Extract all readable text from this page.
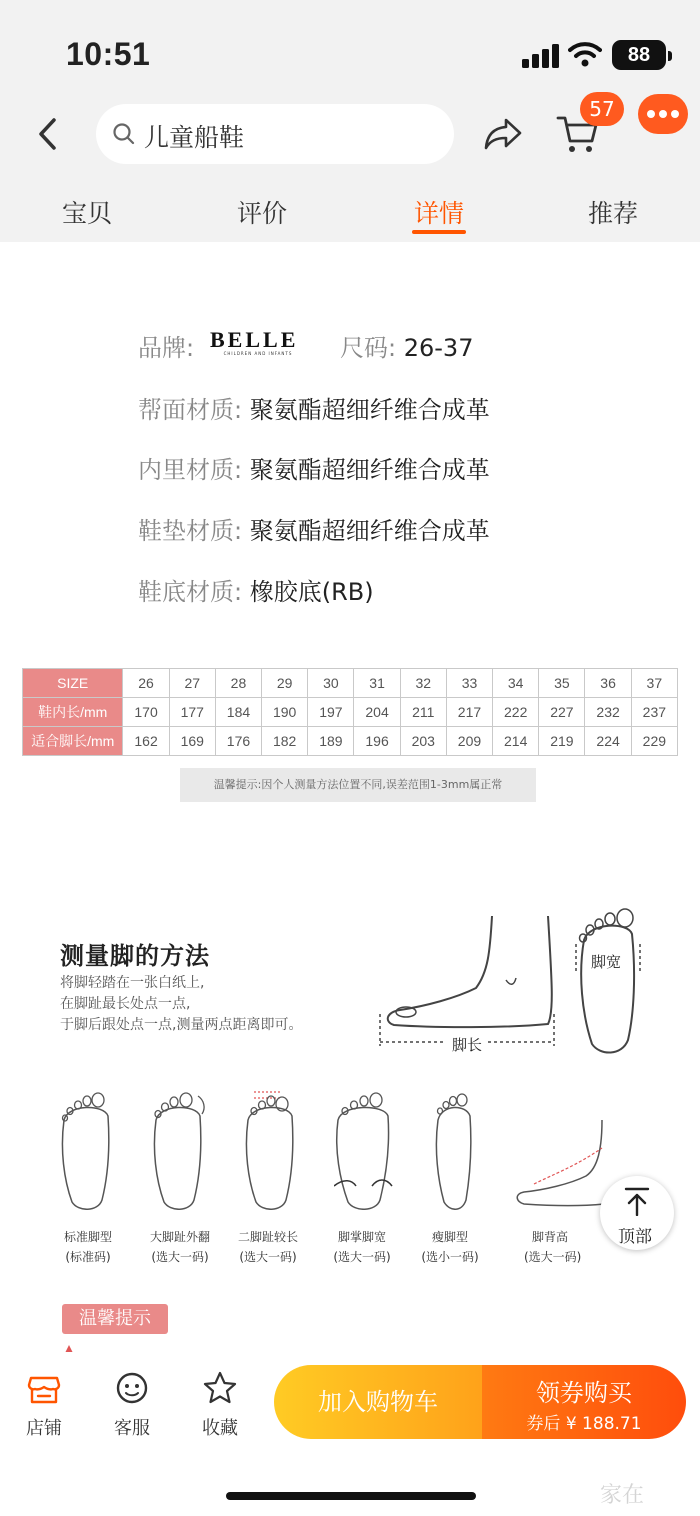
10:51	88
儿童船鞋
57
宝贝	评价	详情	推荐
品牌: BELLE
CHILDREN AND INFANTS	尺码: 26-37
帮面材质: 聚氨酯超细纤维合成革
内里材质: 聚氨酯超细纤维合成革
鞋垫材质: 聚氨酯超细纤维合成革
鞋底材质: 橡胶底(RB)
SIZE	26	27	28	29	30	31	32	33	34	35	36	37
鞋内长/mm	170	177	184	190	197	204	211	217	222	227	232	237
适合脚长/mm	162	169	176	182	189	196	203	209	214	219	224	229
温馨提示:因个人测量方法位置不同,误差范围1-3mm属正常
测量脚的方法
将脚轻踏在一张白纸上,
在脚趾最长处点一点,
于脚后跟处点一点,测量两点距离即可。
脚长
脚宽
标准脚型
(标准码)
大脚趾外翻
(选大一码)
二脚趾较长
(选大一码)
脚掌脚宽
(选大一码)
瘦脚型
(选小一码)
脚背高
(选大一码)
顶部
温馨提示
店铺	客服	收藏
加入购物车	领券购买
券后 ¥ 188.71
家在
